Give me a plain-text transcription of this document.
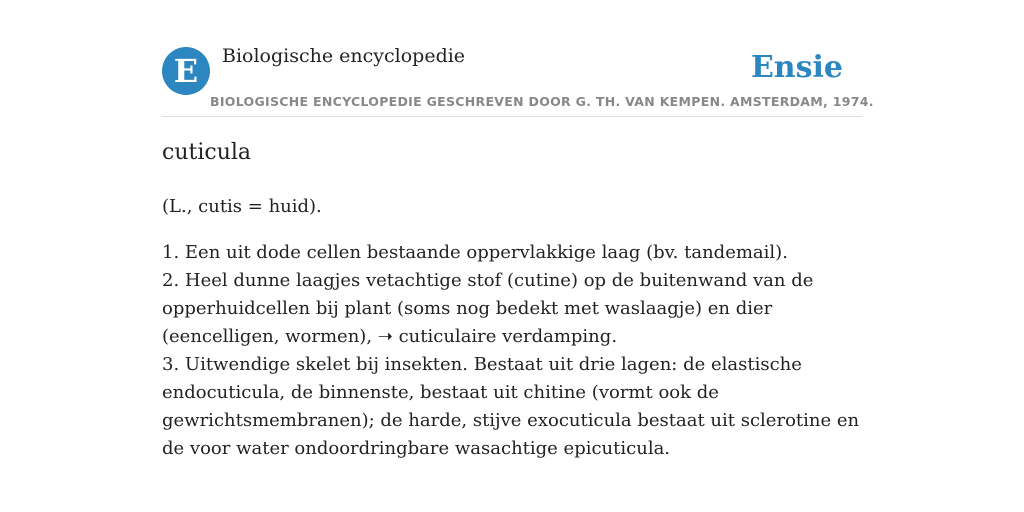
E	Biologische encyclopedie	Ensie
BIOLOGISCHE ENCYCLOPEDIE GESCHREVEN DOOR G. TH. VAN KEMPEN. AMSTERDAM, 1974.
cuticula
(L., cutis = huid).

1. Een uit dode cellen bestaande oppervlakkige laag (bv. tandemail).

2. Heel dunne laagjes vetachtige stof (cutine) op de buitenwand van de opperhuidcellen bij plant (soms nog bedekt met waslaagje) en dier (eencelligen, wormen), ➝ cuticulaire verdamping.

3. Uitwendige skelet bij insekten. Bestaat uit drie lagen: de elastische endocuticula, de binnenste, bestaat uit chitine (vormt ook de gewrichtsmembranen); de harde, stijve exocuticula bestaat uit sclerotine en de voor water ondoordringbare wasachtige epicuticula.
